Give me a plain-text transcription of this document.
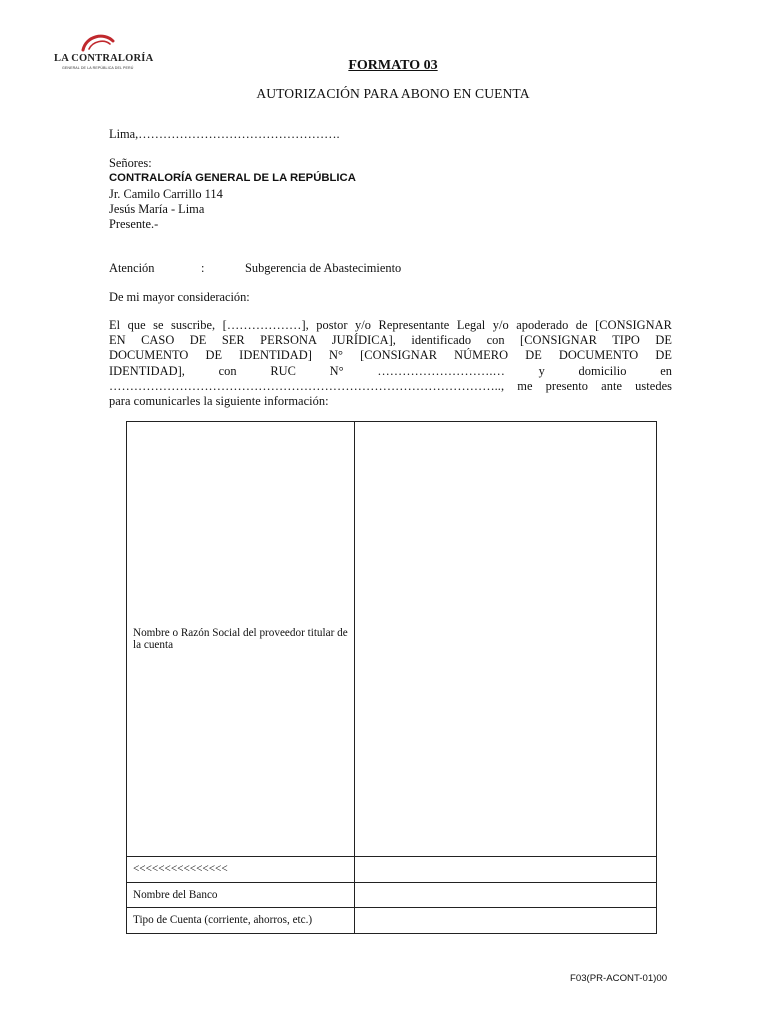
LA CONTRALORÍA
GENERAL DE LA REPÚBLICA DEL PERÚ	FORMATO 03
AUTORIZACIÓN PARA ABONO EN CUENTA
Lima,………………………………………….
Señores:
CONTRALORÍA GENERAL DE LA REPÚBLICA
Jr. Camilo Carrillo 114
Jesús María - Lima
Presente.-
Atención	:	Subgerencia de Abastecimiento
De mi mayor consideración:
El que se suscribe, [………………], postor y/o Representante Legal y/o apoderado de [CONSIGNAR
EN CASO DE SER PERSONA JURÍDICA], identificado con [CONSIGNAR TIPO DE
DOCUMENTO DE IDENTIDAD] N° [CONSIGNAR NÚMERO DE DOCUMENTO DE
IDENTIDAD], con RUC N° ……………………….… y domicilio en
………………………………………………………………………………….., me presento ante ustedes
para comunicarles la siguiente información:
Nombre o Razón Social del proveedor titular de la cuenta	
<<<<<<<<<<<<<<<	
Nombre del Banco	
Tipo de Cuenta (corriente, ahorros, etc.)	
F03(PR-ACONT-01)00
